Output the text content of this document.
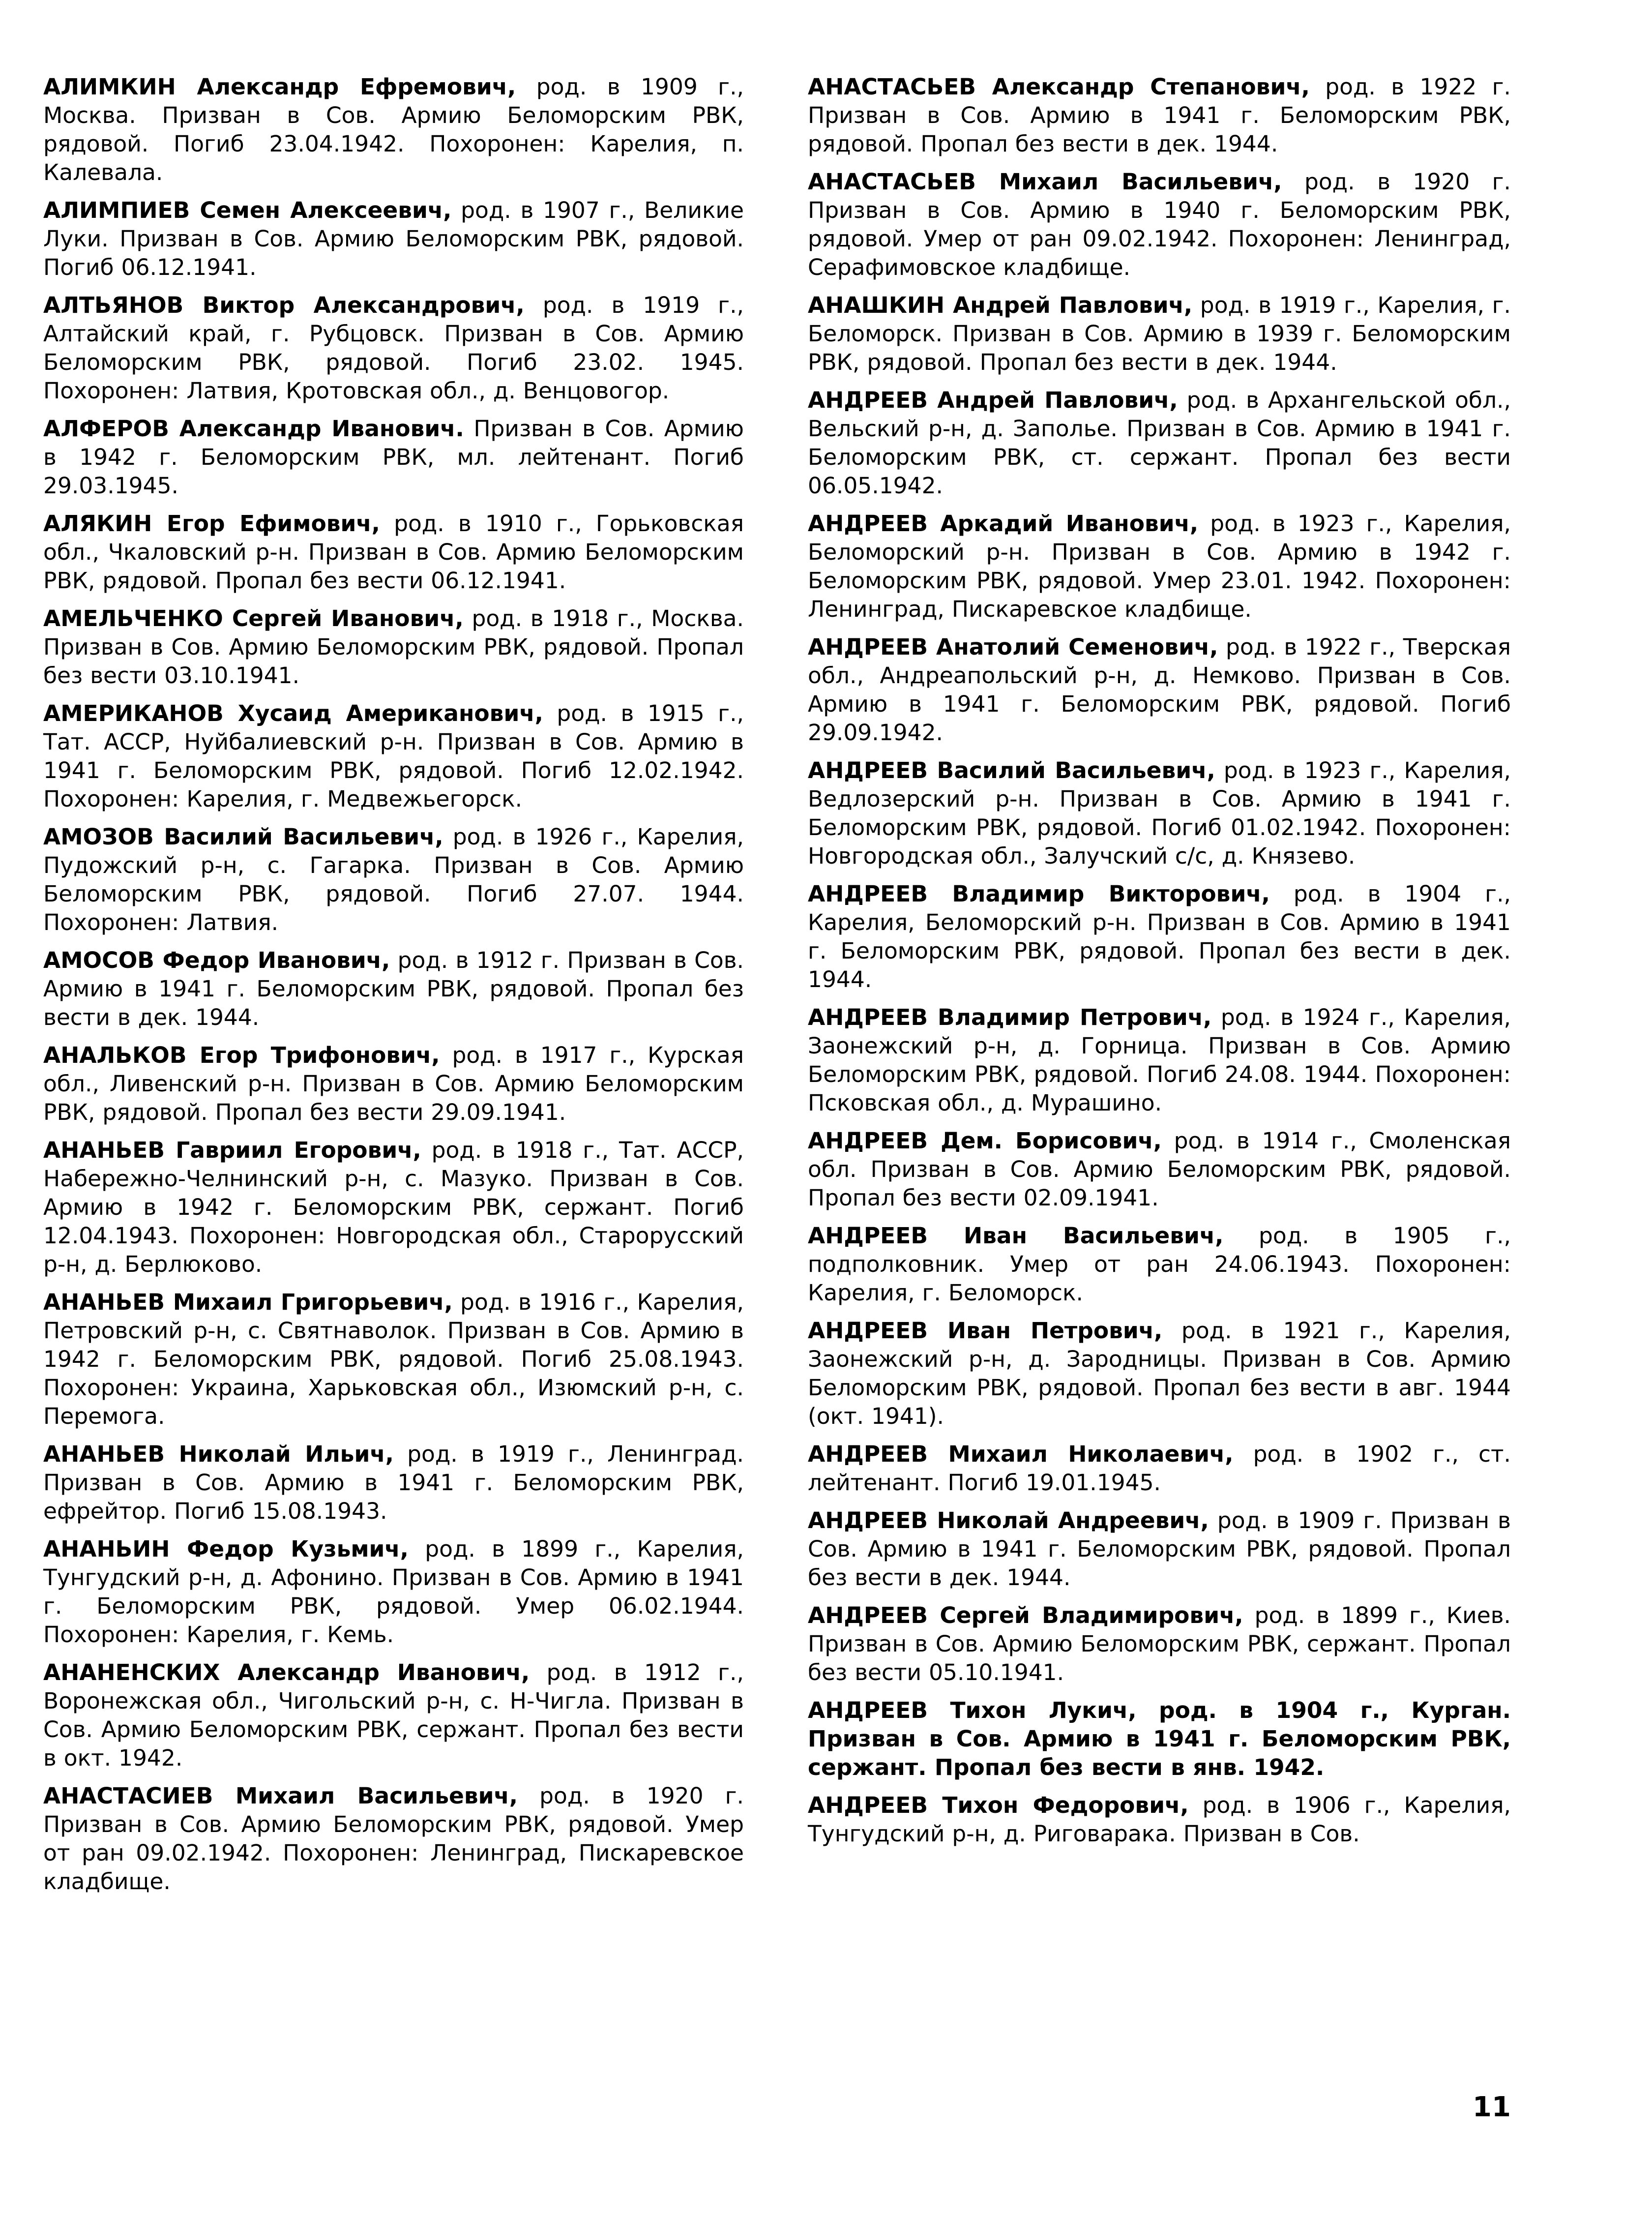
АЛИМКИН Александр Ефремович, род. в 1909 г., Москва. Призван в Сов. Армию Беломорским РВК, рядовой. Погиб 23.04.1942. Похоронен: Карелия, п. Калевала.

АЛИМПИЕВ Семен Алексеевич, род. в 1907 г., Великие Луки. Призван в Сов. Армию Беломорским РВК, рядовой. Погиб 06.12.1941.

АЛТЬЯНОВ Виктор Александрович, род. в 1919 г., Алтайский край, г. Рубцовск. Призван в Сов. Армию Беломорским РВК, рядовой. Погиб 23.02. 1945. Похоронен: Латвия, Кротовская обл., д. Венцовогор.

АЛФЕРОВ Александр Иванович. Призван в Сов. Армию в 1942 г. Беломорским РВК, мл. лейтенант. Погиб 29.03.1945.

АЛЯКИН Егор Ефимович, род. в 1910 г., Горьковская обл., Чкаловский р-н. Призван в Сов. Армию Беломорским РВК, рядовой. Пропал без вести 06.12.1941.

АМЕЛЬЧЕНКО Сергей Иванович, род. в 1918 г., Москва. Призван в Сов. Армию Беломорским РВК, рядовой. Пропал без вести 03.10.1941.

АМЕРИКАНОВ Хусаид Американович, род. в 1915 г., Тат. АССР, Нуйбалиевский р-н. Призван в Сов. Армию в 1941 г. Беломорским РВК, рядовой. Погиб 12.02.1942. Похоронен: Карелия, г. Медвежьегорск.

АМОЗОВ Василий Васильевич, род. в 1926 г., Карелия, Пудожский р-н, с. Гагарка. Призван в Сов. Армию Беломорским РВК, рядовой. Погиб 27.07. 1944. Похоронен: Латвия.

АМОСОВ Федор Иванович, род. в 1912 г. Призван в Сов. Армию в 1941 г. Беломорским РВК, рядовой. Пропал без вести в дек. 1944.

АНАЛЬКОВ Егор Трифонович, род. в 1917 г., Курская обл., Ливенский р-н. Призван в Сов. Армию Беломорским РВК, рядовой. Пропал без вести 29.09.1941.

АНАНЬЕВ Гавриил Егорович, род. в 1918 г., Тат. АССР, Набережно-Челнинский р-н, с. Мазуко. Призван в Сов. Армию в 1942 г. Беломорским РВК, сержант. Погиб 12.04.1943. Похоронен: Новгородская обл., Старорусский р-н, д. Берлюково.

АНАНЬЕВ Михаил Григорьевич, род. в 1916 г., Карелия, Петровский р-н, с. Святнаволок. Призван в Сов. Армию в 1942 г. Беломорским РВК, рядовой. Погиб 25.08.1943. Похоронен: Украина, Харьковская обл., Изюмский р-н, с. Перемога.

АНАНЬЕВ Николай Ильич, род. в 1919 г., Ленинград. Призван в Сов. Армию в 1941 г. Беломорским РВК, ефрейтор. Погиб 15.08.1943.

АНАНЬИН Федор Кузьмич, род. в 1899 г., Карелия, Тунгудский р-н, д. Афонино. Призван в Сов. Армию в 1941 г. Беломорским РВК, рядовой. Умер 06.02.1944. Похоронен: Карелия, г. Кемь.

АНАНЕНСКИХ Александр Иванович, род. в 1912 г., Воронежская обл., Чигольский р-н, с. Н-Чигла. Призван в Сов. Армию Беломорским РВК, сержант. Пропал без вести в окт. 1942.

АНАСТАСИЕВ Михаил Васильевич, род. в 1920 г. Призван в Сов. Армию Беломорским РВК, рядовой. Умер от ран 09.02.1942. Похоронен: Ленинград, Пискаревское кладбище.

АНАСТАСЬЕВ Александр Степанович, род. в 1922 г. Призван в Сов. Армию в 1941 г. Беломорским РВК, рядовой. Пропал без вести в дек. 1944.

АНАСТАСЬЕВ Михаил Васильевич, род. в 1920 г. Призван в Сов. Армию в 1940 г. Беломорским РВК, рядовой. Умер от ран 09.02.1942. Похоронен: Ленинград, Серафимовское кладбище.

АНАШКИН Андрей Павлович, род. в 1919 г., Карелия, г. Беломорск. Призван в Сов. Армию в 1939 г. Беломорским РВК, рядовой. Пропал без вести в дек. 1944.

АНДРЕЕВ Андрей Павлович, род. в Архангельской обл., Вельский р-н, д. Заполье. Призван в Сов. Армию в 1941 г. Беломорским РВК, ст. сержант. Пропал без вести 06.05.1942.

АНДРЕЕВ Аркадий Иванович, род. в 1923 г., Карелия, Беломорский р-н. Призван в Сов. Армию в 1942 г. Беломорским РВК, рядовой. Умер 23.01. 1942. Похоронен: Ленинград, Пискаревское кладбище.

АНДРЕЕВ Анатолий Семенович, род. в 1922 г., Тверская обл., Андреапольский р-н, д. Немково. Призван в Сов. Армию в 1941 г. Беломорским РВК, рядовой. Погиб 29.09.1942.

АНДРЕЕВ Василий Васильевич, род. в 1923 г., Карелия, Ведлозерский р-н. Призван в Сов. Армию в 1941 г. Беломорским РВК, рядовой. Погиб 01.02.1942. Похоронен: Новгородская обл., Залучский с/с, д. Князево.

АНДРЕЕВ Владимир Викторович, род. в 1904 г., Карелия, Беломорский р-н. Призван в Сов. Армию в 1941 г. Беломорским РВК, рядовой. Пропал без вести в дек. 1944.

АНДРЕЕВ Владимир Петрович, род. в 1924 г., Карелия, Заонежский р-н, д. Горница. Призван в Сов. Армию Беломорским РВК, рядовой. Погиб 24.08. 1944. Похоронен: Псковская обл., д. Мурашино.

АНДРЕЕВ Дем. Борисович, род. в 1914 г., Смоленская обл. Призван в Сов. Армию Беломорским РВК, рядовой. Пропал без вести 02.09.1941.

АНДРЕЕВ Иван Васильевич, род. в 1905 г., подполковник. Умер от ран 24.06.1943. Похоронен: Карелия, г. Беломорск.

АНДРЕЕВ Иван Петрович, род. в 1921 г., Карелия, Заонежский р-н, д. Зародницы. Призван в Сов. Армию Беломорским РВК, рядовой. Пропал без вести в авг. 1944 (окт. 1941).

АНДРЕЕВ Михаил Николаевич, род. в 1902 г., ст. лейтенант. Погиб 19.01.1945.

АНДРЕЕВ Николай Андреевич, род. в 1909 г. Призван в Сов. Армию в 1941 г. Беломорским РВК, рядовой. Пропал без вести в дек. 1944.

АНДРЕЕВ Сергей Владимирович, род. в 1899 г., Киев. Призван в Сов. Армию Беломорским РВК, сержант. Пропал без вести 05.10.1941.

АНДРЕЕВ Тихон Лукич, род. в 1904 г., Курган. Призван в Сов. Армию в 1941 г. Беломорским РВК, сержант. Пропал без вести в янв. 1942.

АНДРЕЕВ Тихон Федорович, род. в 1906 г., Карелия, Тунгудский р-н, д. Риговарака. Призван в Сов.

11
